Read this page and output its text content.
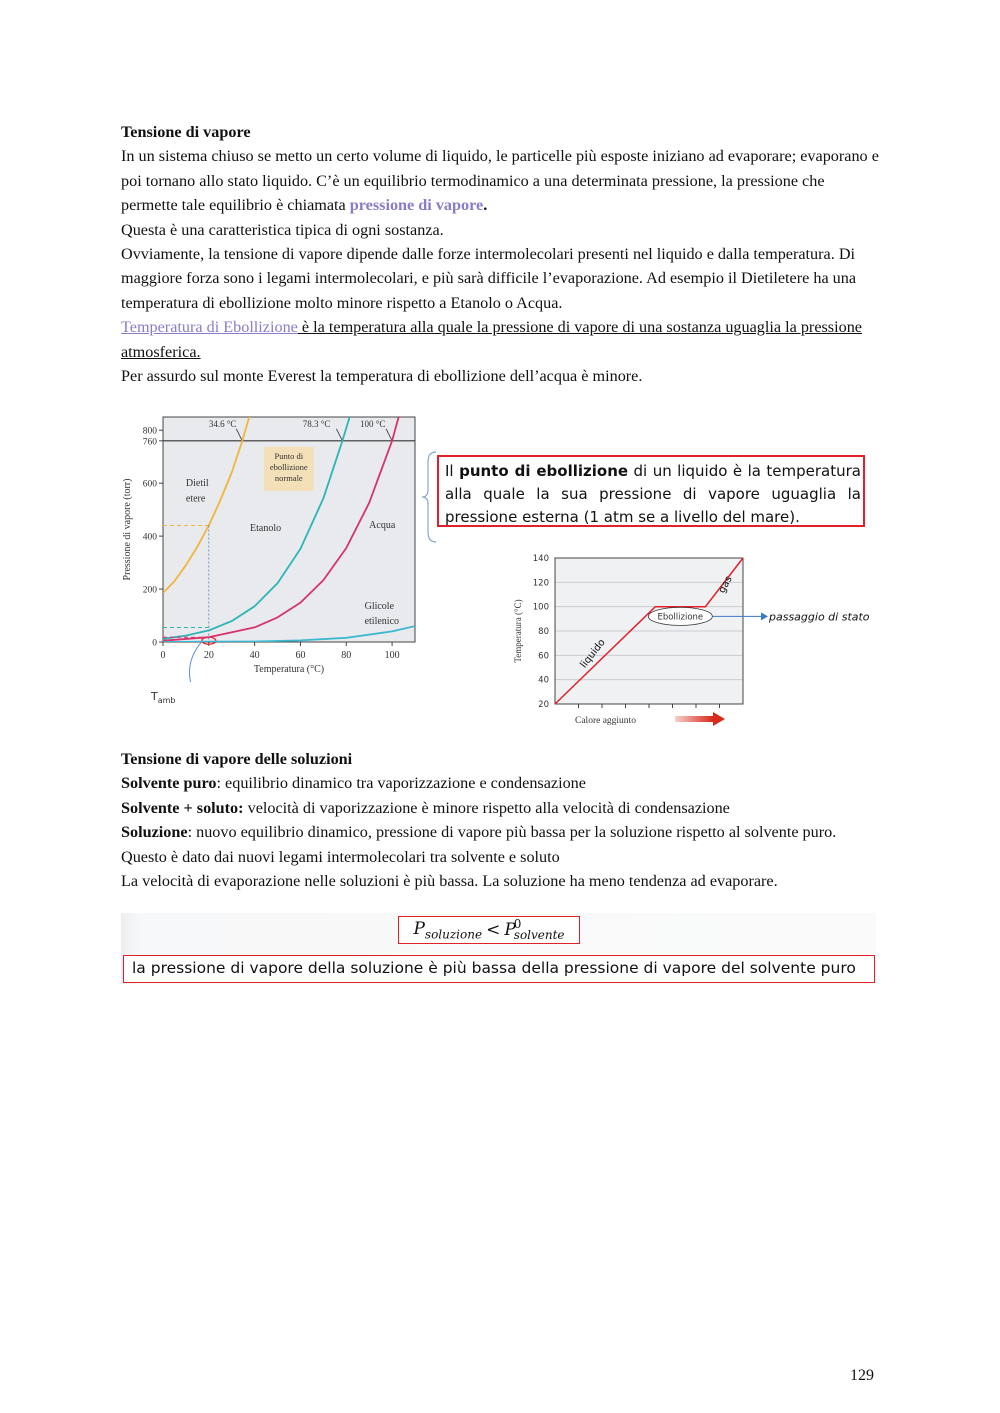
Tensione di vapore

In un sistema chiuso se metto un certo volume di liquido, le particelle più esposte iniziano ad evaporare; evaporano e poi tornano allo stato liquido. C’è un equilibrio termodinamico a una determinata pressione, la pressione che permette tale equilibrio è chiamata pressione di vapore.

Questa è una caratteristica tipica di ogni sostanza.

Ovviamente, la tensione di vapore dipende dalle forze intermolecolari presenti nel liquido e dalla temperatura. Di maggiore forza sono i legami intermolecolari, e più sarà difficile l’evaporazione. Ad esempio il Dietiletere ha una temperatura di ebollizione molto minore rispetto a Etanolo o Acqua.

Temperatura di Ebollizione è la temperatura alla quale la pressione di vapore di una sostanza uguaglia la pressione atmosferica.

Per assurdo sul monte Everest la temperatura di ebollizione dell’acqua è minore.

0	20	40	60	80	100
0
200
400
600
760
800
34.6 °C	78.3 °C	100 °C
Punto di
ebollizione
normale
Dietil
etere
Etanolo	Acqua
Glicole
etilenico
Temperatura (°C)
Pressione di vapore (torr)
$T_{amb}$
Il punto di ebollizione di un liquido è la temperatura alla quale la sua pressione di vapore uguaglia la pressione esterna (1 atm se a livello del mare).
20
40
60
80
100
120
140
liquido
gas
Ebollizione	passaggio di stato
Temperatura (°C)
Calore aggiunto

Tensione di vapore delle soluzioni

Solvente puro: equilibrio dinamico tra vaporizzazione e condensazione

Solvente + soluto: velocità di vaporizzazione è minore rispetto alla velocità di condensazione

Soluzione: nuovo equilibrio dinamico, pressione di vapore più bassa per la soluzione rispetto al solvente puro. Questo è dato dai nuovi legami intermolecolari tra solvente e soluto

La velocità di evaporazione nelle soluzioni è più bassa. La soluzione ha meno tendenza ad evaporare.

$P_{soluzione} < P$
0
solvente
la pressione di vapore della soluzione è più bassa della pressione di vapore del solvente puro
129
